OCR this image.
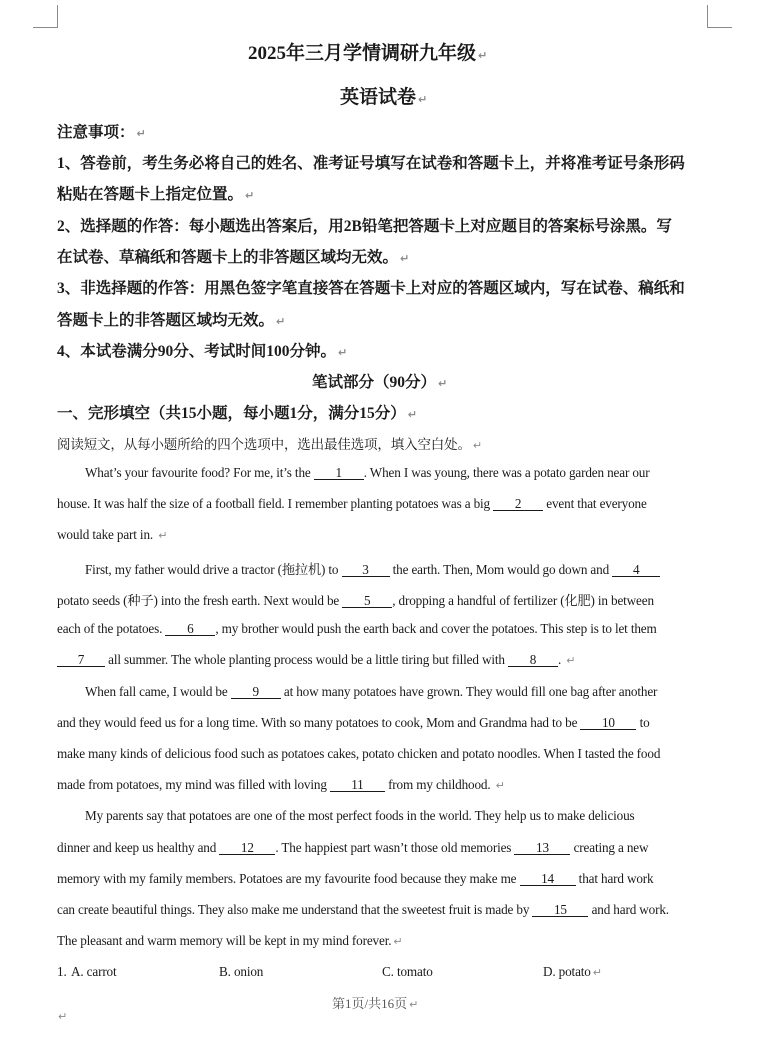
2025年三月学情调研九年级 ↵
英语试卷 ↵
注意事项： ↵
1、答卷前，考生务必将自己的姓名、准考证号填写在试卷和答题卡上，并将准考证号条形码
粘贴在答题卡上指定位置。 ↵
2、选择题的作答：每小题选出答案后，用2B铅笔把答题卡上对应题目的答案标号涂黑。写
在试卷、草稿纸和答题卡上的非答题区域均无效。 ↵
3、非选择题的作答：用黑色签字笔直接答在答题卡上对应的答题区域内，写在试卷、稿纸和
答题卡上的非答题区域均无效。 ↵
4、本试卷满分90分、考试时间100分钟。 ↵
笔试部分（90分） ↵
一、完形填空（共15小题，每小题1分，满分15分） ↵
阅读短文，从每小题所给的四个选项中，选出最佳选项，填入空白处。 ↵
What’s your favourite food? For me, it’s the 1 . When I was young, there was a potato garden near our
house. It was half the size of a football field. I remember planting potatoes was a big 2 event that everyone
would take part in. ↵
First, my father would drive a tractor (拖拉机) to 3 the earth. Then, Mom would go down and 4
potato seeds (种子) into the fresh earth. Next would be 5 , dropping a handful of fertilizer (化肥) in between
each of the potatoes. 6 , my brother would push the earth back and cover the potatoes. This step is to let them
7 all summer. The whole planting process would be a little tiring but filled with 8 . ↵
When fall came, I would be 9 at how many potatoes have grown. They would fill one bag after another
and they would feed us for a long time. With so many potatoes to cook, Mom and Grandma had to be 10 to
make many kinds of delicious food such as potatoes cakes, potato chicken and potato noodles. When I tasted the food
made from potatoes, my mind was filled with loving 11 from my childhood. ↵
My parents say that potatoes are one of the most perfect foods in the world. They help us to make delicious
dinner and keep us healthy and 12 . The happiest part wasn’t those old memories 13 creating a new
memory with my family members. Potatoes are my favourite food because they make me 14 that hard work
can create beautiful things. They also make me understand that the sweetest fruit is made by 15 and hard work.
The pleasant and warm memory will be kept in my mind forever. ↵
1. A. carrot	B. onion	C. tomato	D. potato ↵
第1页/共16页 ↵
↵
